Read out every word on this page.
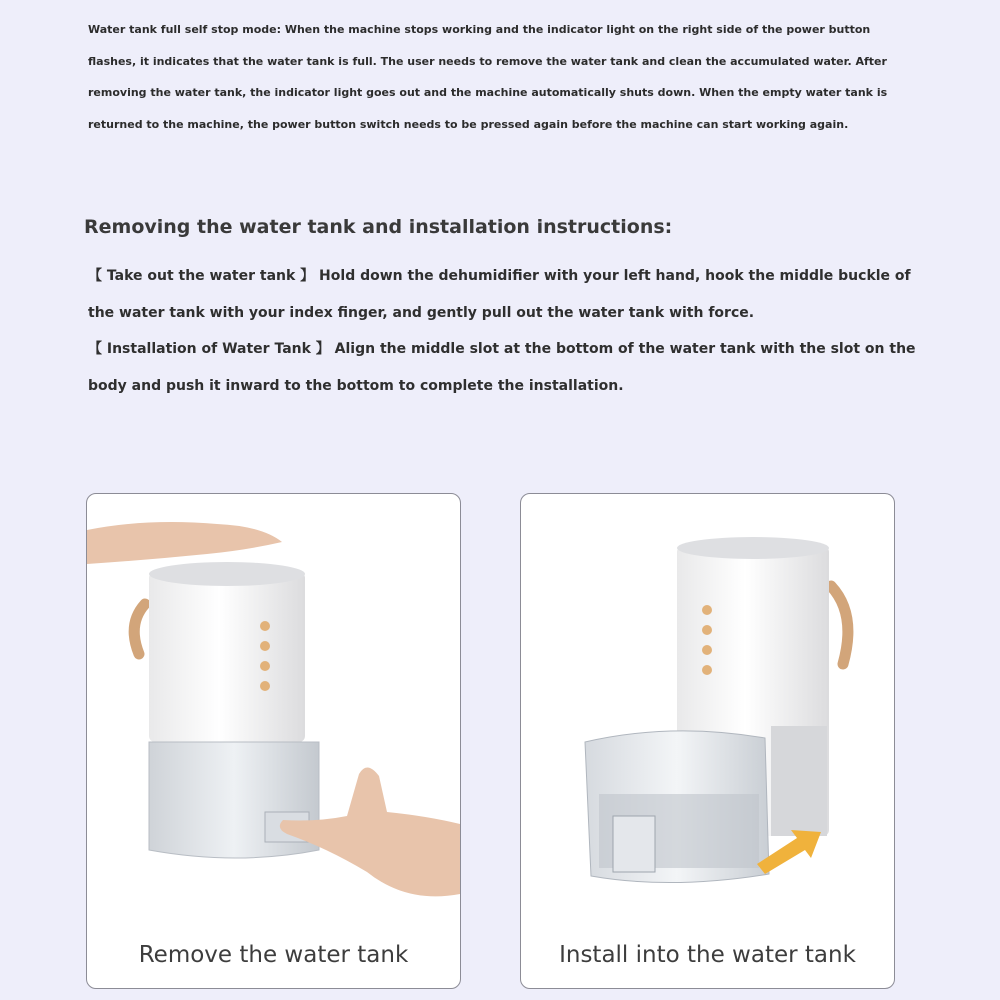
Water tank full self stop mode: When the machine stops working and the indicator light on the right side of the power button

flashes, it indicates that the water tank is full. The user needs to remove the water tank and clean the accumulated water. After

removing the water tank, the indicator light goes out and the machine automatically shuts down. When the empty water tank is

returned to the machine, the power button switch needs to be pressed again before the machine can start working again.

Removing the water tank and installation instructions:

【 Take out the water tank 】 Hold down the dehumidifier with your left hand, hook the middle buckle of

the water tank with your index finger, and gently pull out the water tank with force.

【 Installation of Water Tank 】 Align the middle slot at the bottom of the water tank with the slot on the

body and push it inward to the bottom to complete the installation.

Remove the water tank	Install into the water tank
